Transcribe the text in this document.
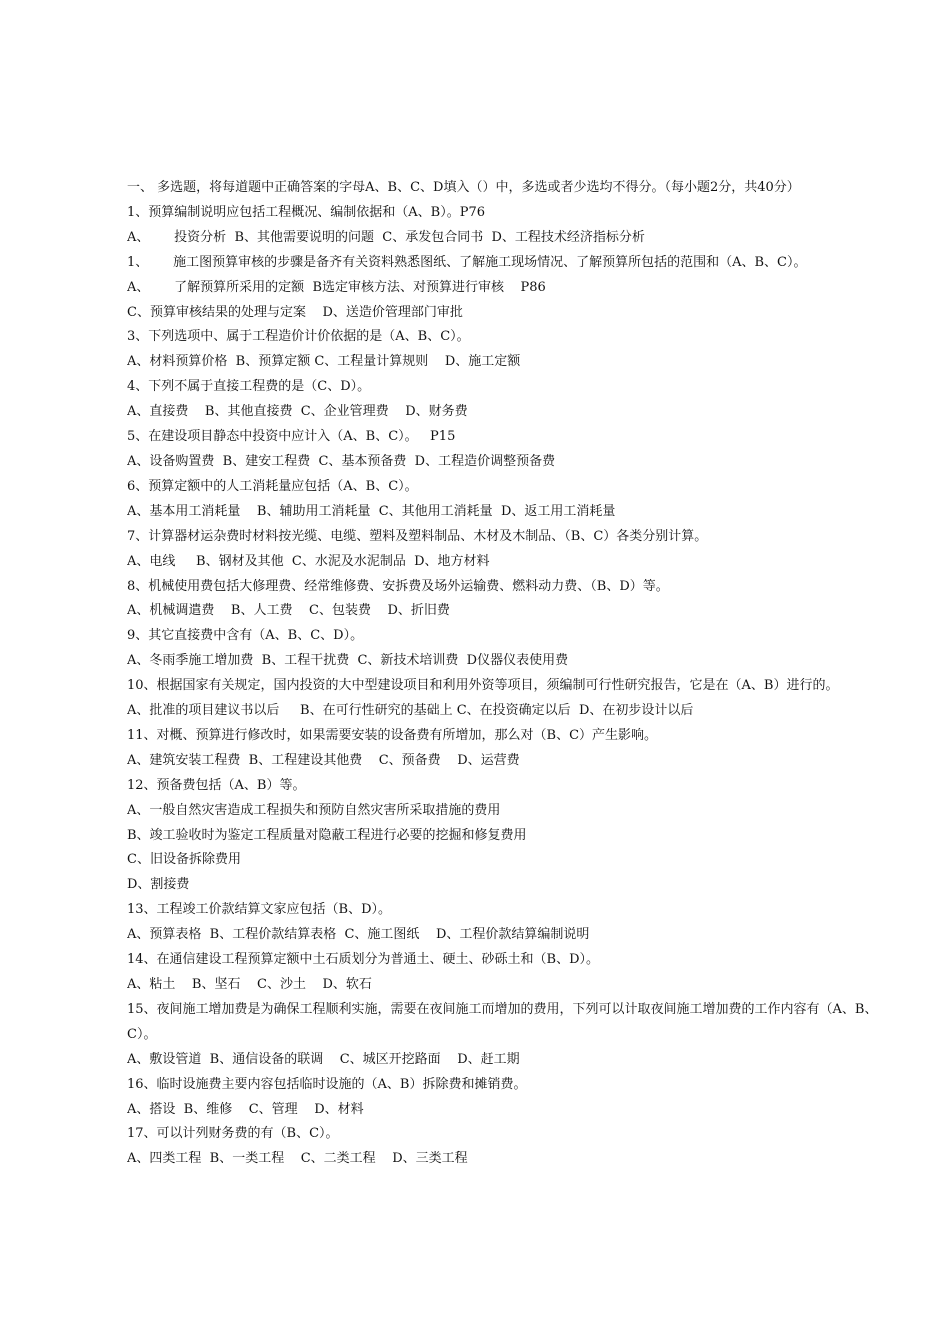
一、 多选题，将每道题中正确答案的字母A、B、C、D填入（）中，多选或者少选均不得分。（每小题2分，共40分）
1、预算编制说明应包括工程概况、编制依据和（A、B）。P76
A、      投资分析  B、其他需要说明的问题  C、承发包合同书  D、工程技术经济指标分析
1、      施工图预算审核的步骤是备齐有关资料熟悉图纸、了解施工现场情况、了解预算所包括的范围和（A、B、C）。
A、      了解预算所采用的定额  B选定审核方法、对预算进行审核    P86
C、预算审核结果的处理与定案    D、送造价管理部门审批
3、下列选项中、属于工程造价计价依据的是（A、B、C）。
A、材料预算价格  B、预算定额 C、工程量计算规则    D、施工定额
4、下列不属于直接工程费的是（C、D）。
A、直接费    B、其他直接费  C、企业管理费    D、财务费
5、在建设项目静态中投资中应计入（A、B、C）。   P15
A、设备购置费  B、建安工程费  C、基本预备费  D、工程造价调整预备费
6、预算定额中的人工消耗量应包括（A、B、C）。
A、基本用工消耗量    B、辅助用工消耗量  C、其他用工消耗量  D、返工用工消耗量
7、计算器材运杂费时材料按光缆、电缆、塑料及塑料制品、木材及木制品、（B、C）各类分别计算。
A、电线     B、钢材及其他  C、水泥及水泥制品  D、地方材料
8、机械使用费包括大修理费、经常维修费、安拆费及场外运输费、燃料动力费、（B、D）等。
A、机械调遣费    B、人工费    C、包装费    D、折旧费
9、其它直接费中含有（A、B、C、D）。
A、冬雨季施工增加费  B、工程干扰费  C、新技术培训费  D仪器仪表使用费
10、根据国家有关规定，国内投资的大中型建设项目和利用外资等项目，须编制可行性研究报告，它是在（A、B）进行的。
A、批准的项目建议书以后     B、在可行性研究的基础上 C、在投资确定以后  D、在初步设计以后
11、对概、预算进行修改时，如果需要安装的设备费有所增加，那么对（B、C）产生影响。
A、建筑安装工程费  B、工程建设其他费    C、预备费    D、运营费
12、预备费包括（A、B）等。
A、一般自然灾害造成工程损失和预防自然灾害所采取措施的费用
B、竣工验收时为鉴定工程质量对隐蔽工程进行必要的挖掘和修复费用
C、旧设备拆除费用
D、割接费
13、工程竣工价款结算文家应包括（B、D）。
A、预算表格  B、工程价款结算表格  C、施工图纸    D、工程价款结算编制说明
14、在通信建设工程预算定额中土石质划分为普通土、硬土、砂砾土和（B、D）。
A、粘土    B、坚石    C、沙土    D、软石
15、夜间施工增加费是为确保工程顺利实施，需要在夜间施工而增加的费用，下列可以计取夜间施工增加费的工作内容有（A、B、C）。
A、敷设管道  B、通信设备的联调    C、城区开挖路面    D、赶工期
16、临时设施费主要内容包括临时设施的（A、B）拆除费和摊销费。
A、搭设  B、维修    C、管理    D、材料
17、可以计列财务费的有（B、C）。
A、四类工程  B、一类工程    C、二类工程    D、三类工程
